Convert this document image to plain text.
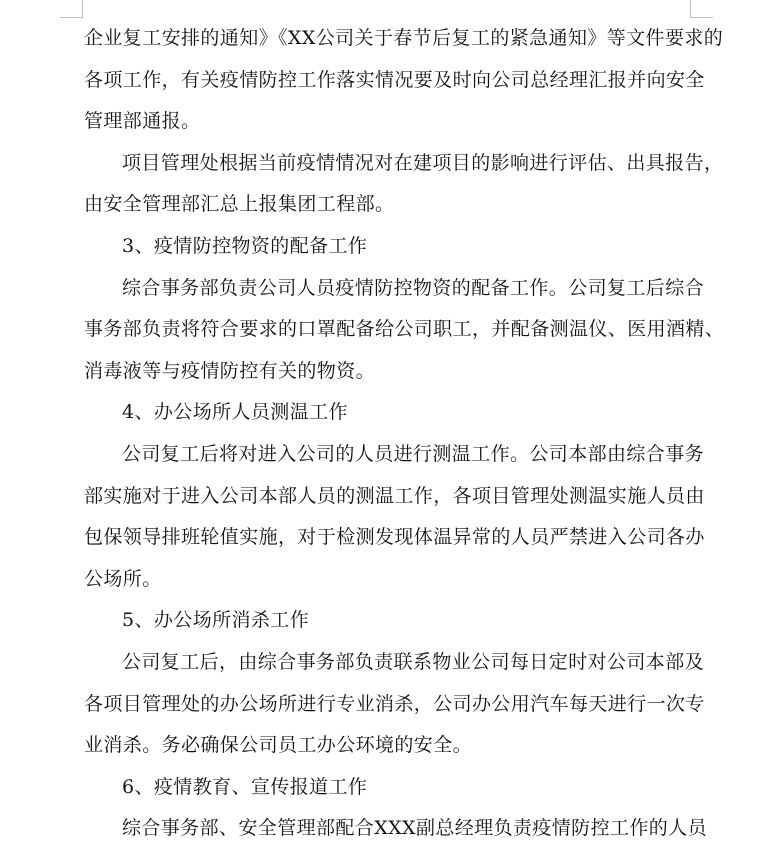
企业复工安排的通知》《XX公司关于春节后复工的紧急通知》等文件要求的
各项工作，有关疫情防控工作落实情况要及时向公司总经理汇报并向安全
管理部通报。
项目管理处根据当前疫情情况对在建项目的影响进行评估、出具报告，
由安全管理部汇总上报集团工程部。
3、疫情防控物资的配备工作
综合事务部负责公司人员疫情防控物资的配备工作。公司复工后综合
事务部负责将符合要求的口罩配备给公司职工，并配备测温仪、医用酒精、
消毒液等与疫情防控有关的物资。
4、办公场所人员测温工作
公司复工后将对进入公司的人员进行测温工作。公司本部由综合事务
部实施对于进入公司本部人员的测温工作，各项目管理处测温实施人员由
包保领导排班轮值实施，对于检测发现体温异常的人员严禁进入公司各办
公场所。
5、办公场所消杀工作
公司复工后，由综合事务部负责联系物业公司每日定时对公司本部及
各项目管理处的办公场所进行专业消杀，公司办公用汽车每天进行一次专
业消杀。务必确保公司员工办公环境的安全。
6、疫情教育、宣传报道工作
综合事务部、安全管理部配合XXX副总经理负责疫情防控工作的人员
